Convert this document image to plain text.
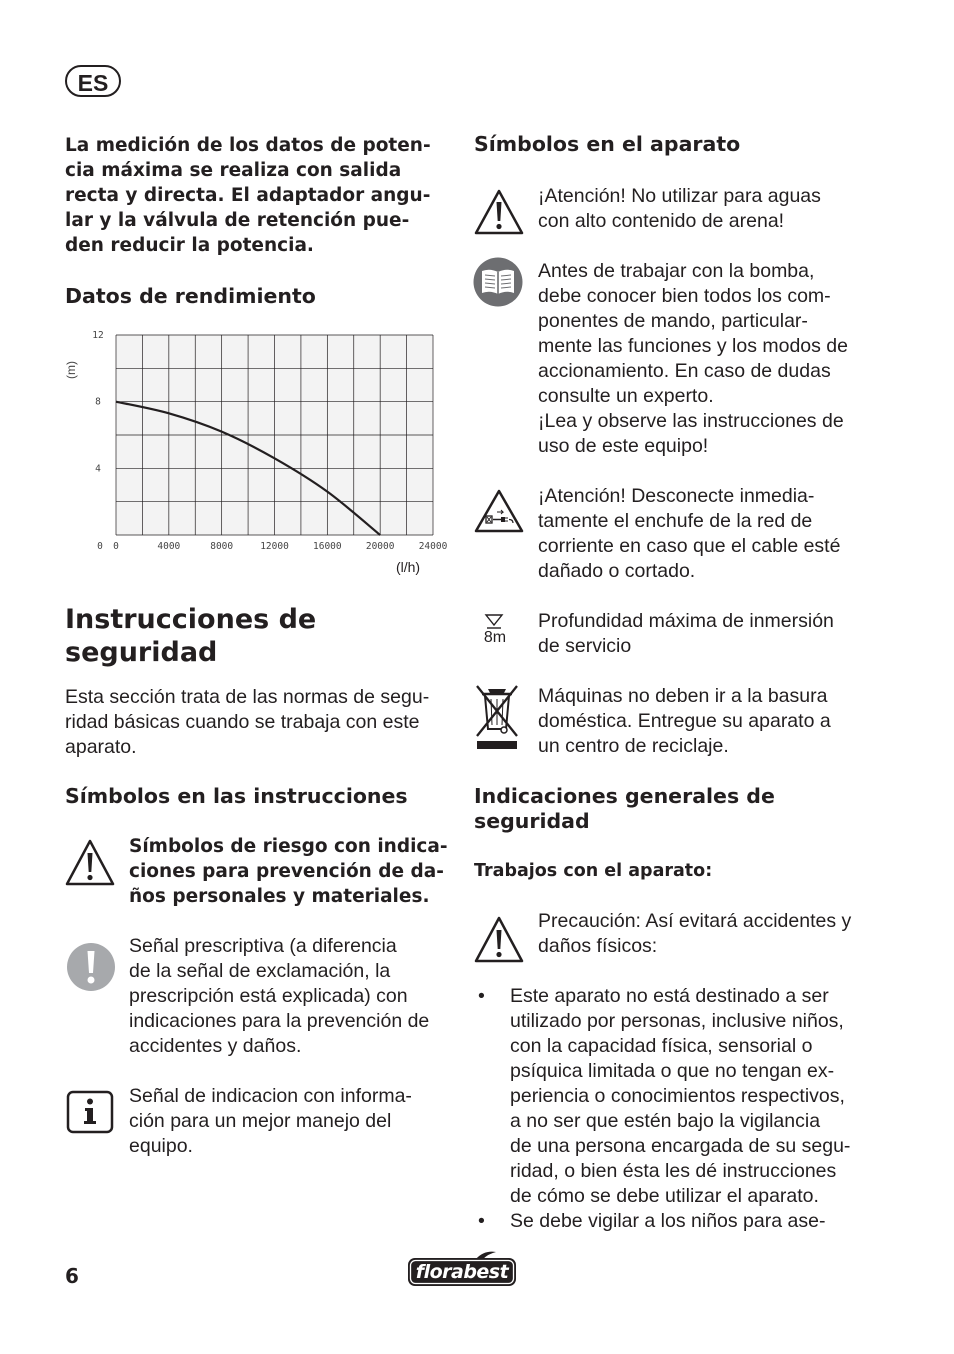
ES
La medición de los datos de poten-
cia máxima se realiza con salida
recta y directa. El adaptador angu-
lar y la válvula de retención pue-
den reducir la potencia.
Datos de rendimiento
0	4000	8000	12000	16000	20000	24000
0
4
8
12
(m)
(l/h)
Instrucciones de
seguridad
Esta sección trata de las normas de segu-
ridad básicas cuando se trabaja con este
aparato.
Símbolos en las instrucciones
Símbolos de riesgo con indica-
ciones para prevención de da-
ños personales y materiales.
Señal prescriptiva (a diferencia
de la señal de exclamación, la
prescripción está explicada) con
indicaciones para la prevención de
accidentes y daños.
Señal de indicacion con informa-
ción para un mejor manejo del
equipo.
Símbolos en el aparato
¡Atención! No utilizar para aguas
con alto contenido de arena!
Antes de trabajar con la bomba,
debe conocer bien todos los com-
ponentes de mando, particular-
mente las funciones y los modos de
accionamiento. En caso de dudas
consulte un experto.
¡Lea y observe las instrucciones de
uso de este equipo!
¡Atención! Desconecte inmedia-
tamente el enchufe de la red de
corriente en caso que el cable esté
dañado o cortado.
8m
Profundidad máxima de inmersión
de servicio
Máquinas no deben ir a la basura
doméstica. Entregue su aparato a
un centro de reciclaje.
Indicaciones generales de
seguridad
Trabajos con el aparato:
Precaución: Así evitará accidentes y
daños físicos:
• Este aparato no está destinado a ser
utilizado por personas, inclusive niños,
con la capacidad física, sensorial o
psíquica limitada o que no tengan ex-
periencia o conocimientos respectivos,
a no ser que estén bajo la vigilancia
de una persona encargada de su segu-
ridad, o bien ésta les dé instrucciones
de cómo se debe utilizar el aparato.
• Se debe vigilar a los niños para ase-
6	florabest
